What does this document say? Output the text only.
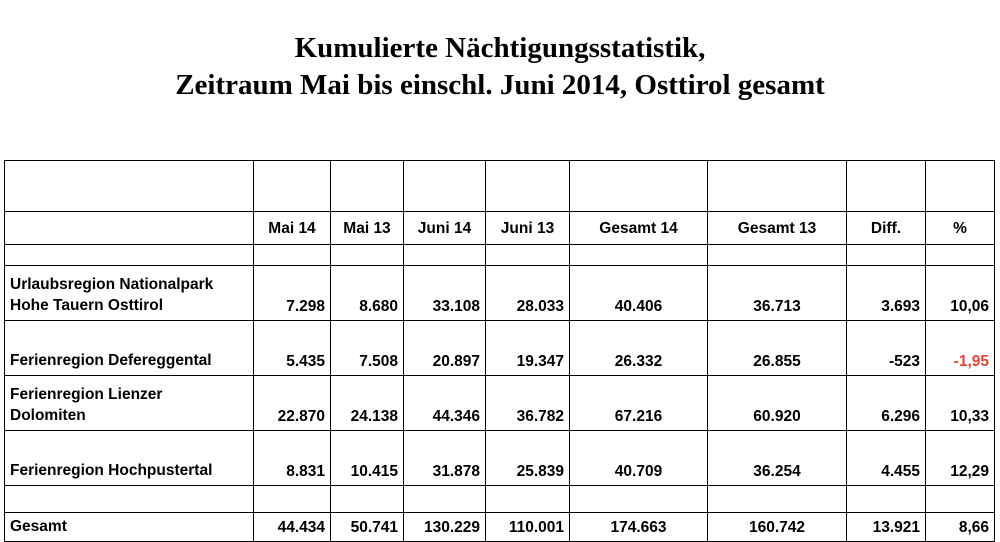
Kumulierte Nächtigungsstatistik,
Zeitraum Mai bis einschl. Juni 2014, Osttirol gesamt

	Mai 14	Mai 13	Juni 14	Juni 13	Gesamt 14	Gesamt 13	Diff.	%

Urlaubsregion Nationalpark
Hohe Tauern Osttirol	7.298	8.680	33.108	28.033	40.406	36.713	3.693	10,06

Ferienregion Defereggental	5.435	7.508	20.897	19.347	26.332	26.855	-523	-1,95

Ferienregion Lienzer
Dolomiten	22.870	24.138	44.346	36.782	67.216	60.920	6.296	10,33

Ferienregion Hochpustertal	8.831	10.415	31.878	25.839	40.709	36.254	4.455	12,29

Gesamt	44.434	50.741	130.229	110.001	174.663	160.742	13.921	8,66
